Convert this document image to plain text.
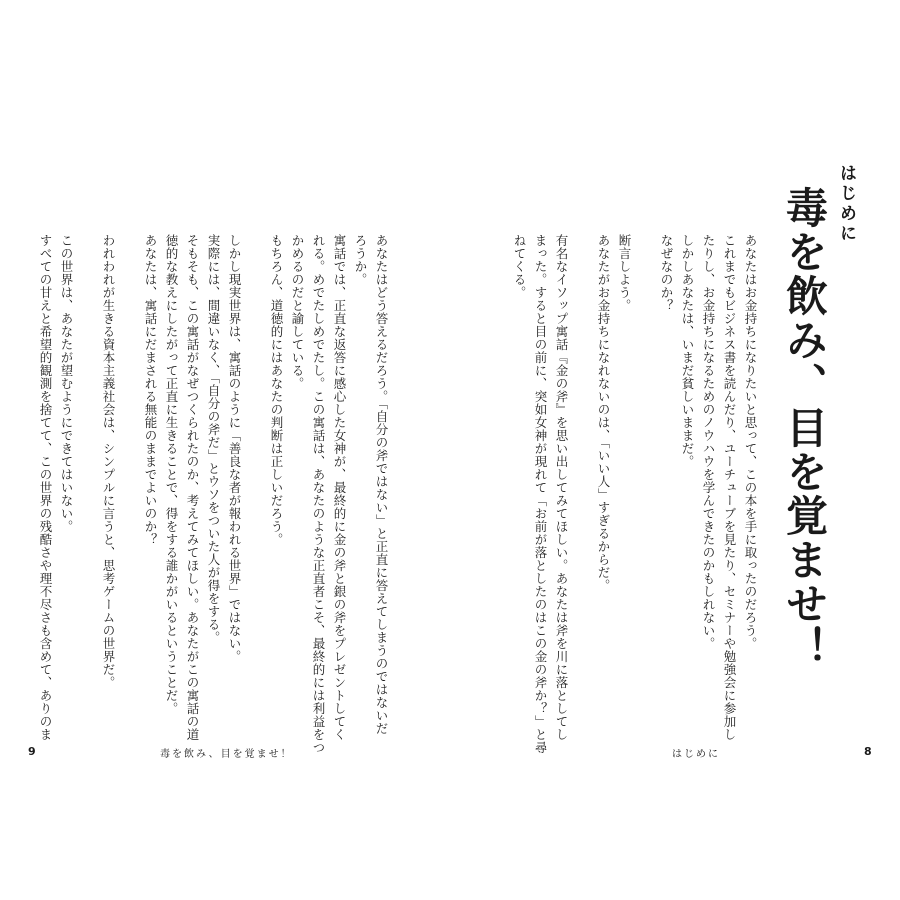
はじめに
毒を飲み、目を覚ませ！
あなたはお金持ちになりたいと思って、この本を手に取ったのだろう。
これまでもビジネス書を読んだり、ユーチューブを見たり、セミナーや勉強会に参加し
たりし、お金持ちになるためのノウハウを学んできたのかもしれない。
しかしあなたは、いまだ貧しいままだ。
なぜなのか？
断言しよう。
あなたがお金持ちになれないのは、「いい人」すぎるからだ。
有名なイソップ寓話『金の斧』を思い出してみてほしい。あなたは斧を川に落としてし
まった。すると目の前に、突如女神が現れて「お前が落としたのはこの金の斧か？」と尋
ねてくる。
あなたはどう答えるだろう。「自分の斧ではない」と正直に答えてしまうのではないだ
ろうか。
寓話では、正直な返答に感心した女神が、最終的に金の斧と銀の斧をプレゼントしてく
れる。めでたしめでたし。この寓話は、あなたのような正直者こそ、最終的には利益をつ
かめるのだと諭している。
もちろん、道徳的にはあなたの判断は正しいだろう。
しかし現実世界は、寓話のように「善良な者が報われる世界」ではない。
実際には、間違いなく、「自分の斧だ」とウソをついた人が得をする。
そもそも、この寓話がなぜつくられたのか、考えてみてほしい。あなたがこの寓話の道
徳的な教えにしたがって正直に生きることで、得をする誰かがいるということだ。
あなたは、寓話にだまされる無能のままでよいのか？
われわれが生きる資本主義社会は、シンプルに言うと、思考ゲームの世界だ。
この世界は、あなたが望むようにできてはいない。
すべての甘えと希望的観測を捨てて、この世界の残酷さや理不尽さも含めて、ありのま
9	毒を飲み、目を覚ませ！	はじめに	8
